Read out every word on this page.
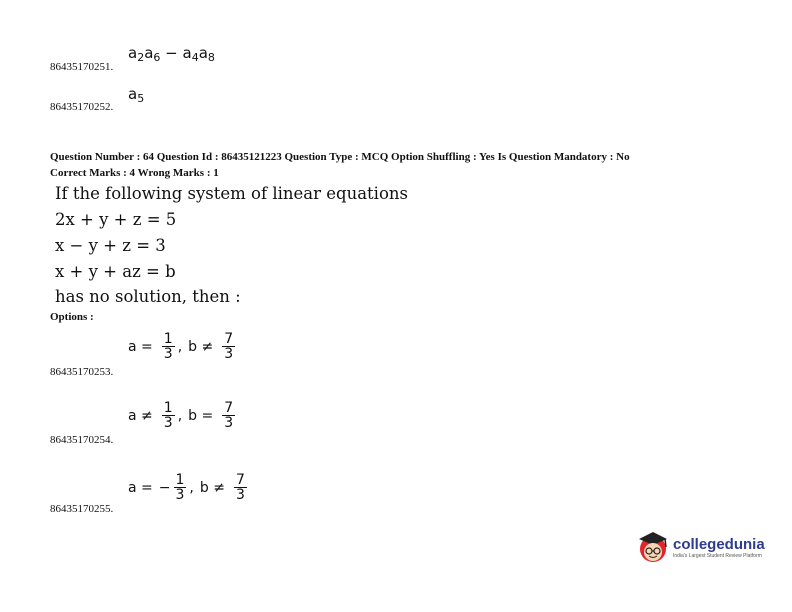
86435170251.
$a_2a_6 - a_4a_8$
86435170252.
$a_5$
Question Number : 64 Question Id : 86435121223 Question Type : MCQ Option Shuffling : Yes Is Question Mandatory : No
Correct Marks : 4 Wrong Marks : 1
If the following system of linear equations
2x + y + z = 5
x − y + z = 3
x + y + az = b
has no solution, then :
Options :
86435170253.
$a = \frac{1}{3}$ , $b \ne \frac{7}{3}$
86435170254.
$a \ne \frac{1}{3}$ , $b = \frac{7}{3}$
86435170255.
a = − $\frac{1}{3}$ , $b \ne \frac{7}{3}$
collegedunia
India's Largest Student Review Platform
